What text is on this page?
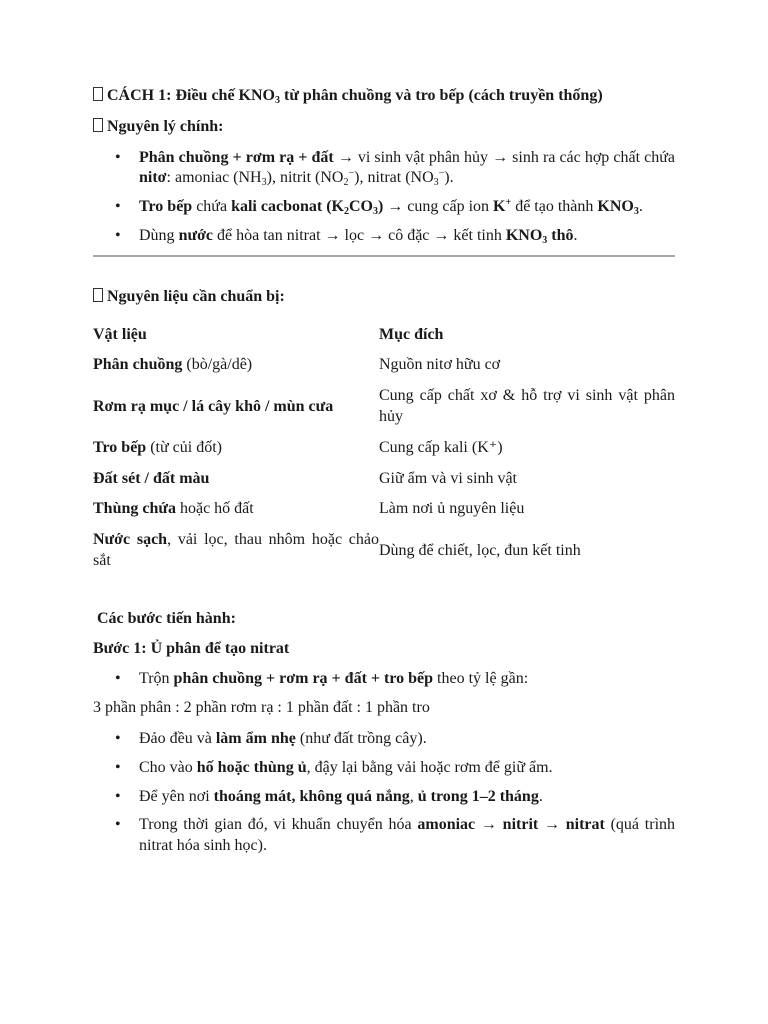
CÁCH 1: Điều chế $KNO_3$ từ phân chuồng và tro bếp (cách truyền thống)

Nguyên lý chính:

• Phân chuồng + rơm rạ + đất → vi sinh vật phân hủy → sinh ra các hợp chất chứa nitơ: amoniac $(NH_3)$, nitrit $(NO_2^-)$, nitrat $(NO_3^-)$.
• Tro bếp chứa kali cacbonat $(K_2CO_3)$ → cung cấp ion K+ để tạo thành $KNO_3$.
• Dùng nước để hòa tan nitrat → lọc → cô đặc → kết tinh $KNO_3$ thô.

Nguyên liệu cần chuẩn bị:

Vật liệu	Mục đích
Phân chuồng (bò/gà/dê)	Nguồn nitơ hữu cơ
Rơm rạ mục / lá cây khô / mùn cưa	Cung cấp chất xơ & hỗ trợ vi sinh vật phân hủy
Tro bếp (từ củi đốt)	Cung cấp kali (K⁺)
Đất sét / đất màu	Giữ ẩm và vi sinh vật
Thùng chứa hoặc hố đất	Làm nơi ủ nguyên liệu
Nước sạch, vải lọc, thau nhôm hoặc chảo sắt	Dùng để chiết, lọc, đun kết tinh

Các bước tiến hành:

Bước 1: Ủ phân để tạo nitrat

• Trộn phân chuồng + rơm rạ + đất + tro bếp theo tỷ lệ gần:

3 phần phân : 2 phần rơm rạ : 1 phần đất : 1 phần tro

• Đảo đều và làm ẩm nhẹ (như đất trồng cây).
• Cho vào hố hoặc thùng ủ, đậy lại bằng vải hoặc rơm để giữ ẩm.
• Để yên nơi thoáng mát, không quá nắng, ủ trong 1–2 tháng.
• Trong thời gian đó, vi khuẩn chuyển hóa amoniac → nitrit → nitrat (quá trình nitrat hóa sinh học).
